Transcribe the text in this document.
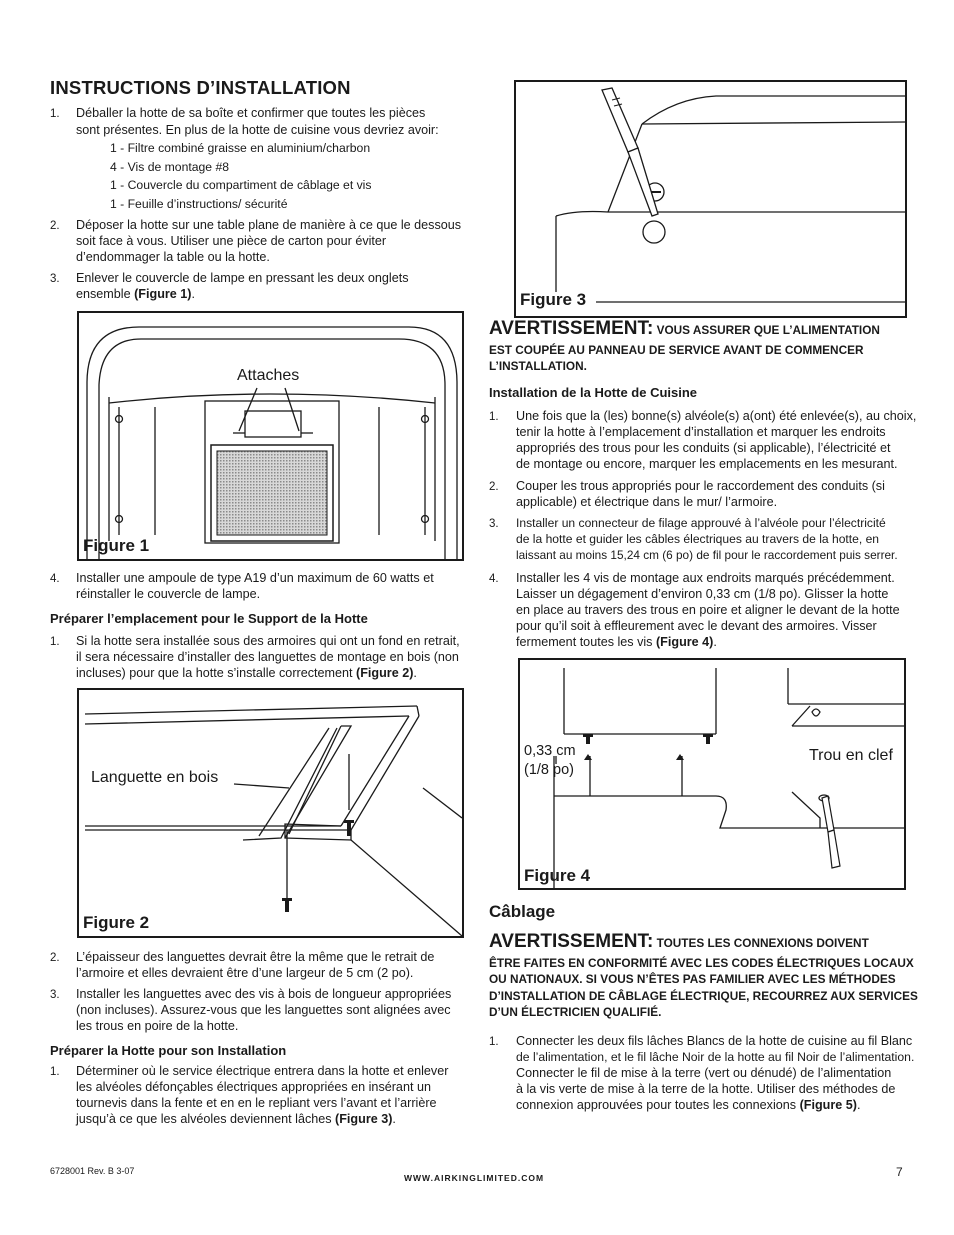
INSTRUCTIONS D’INSTALLATION
1. Déballer la hotte de sa boîte et confirmer que toutes les pièces
sont présentes. En plus de la hotte de cuisine vous devriez avoir:
1 - Filtre combiné graisse en aluminium/charbon
4 - Vis de montage #8
1 - Couvercle du compartiment de câblage et vis
1 - Feuille d’instructions/ sécurité
2. Déposer la hotte sur une table plane de manière à ce que le dessous
soit face à vous. Utiliser une pièce de carton pour éviter
d’endommager la table ou la hotte.
3. Enlever le couvercle de lampe en pressant les deux onglets
ensemble (Figure 1).
Attaches
Figure 1
4. Installer une ampoule de type A19 d’un maximum de 60 watts et
réinstaller le couvercle de lampe.
Préparer l’emplacement pour le Support de la Hotte
1. Si la hotte sera installée sous des armoires qui ont un fond en retrait,
il sera nécessaire d’installer des languettes de montage en bois (non
incluses) pour que la hotte s’installe correctement (Figure 2).
Languette en bois
Figure 2
2. L’épaisseur des languettes devrait être la même que le retrait de
l’armoire et elles devraient être d’une largeur de 5 cm (2 po).
3. Installer les languettes avec des vis à bois de longueur appropriées
(non incluses). Assurez-vous que les languettes sont alignées avec
les trous en poire de la hotte.
Préparer la Hotte pour son Installation
1. Déterminer où le service électrique entrera dans la hotte et enlever
les alvéoles défonçables électriques appropriées en insérant un
tournevis dans la fente et en en le repliant vers l’avant et l’arrière
jusqu’à ce que les alvéoles deviennent lâches (Figure 3).
Figure 3
AVERTISSEMENT: VOUS ASSURER QUE L’ALIMENTATION
EST COUPÉE AU PANNEAU DE SERVICE AVANT DE COMMENCER
L’INSTALLATION.
Installation de la Hotte de Cuisine
1. Une fois que la (les) bonne(s) alvéole(s) a(ont) été enlevée(s), au choix,
tenir la hotte à l’emplacement d’installation et marquer les endroits
appropriés des trous pour les conduits (si applicable), l’électricité et
de montage ou encore, marquer les emplacements en les mesurant.
2. Couper les trous appropriés pour le raccordement des conduits (si
applicable) et électrique dans le mur/ l’armoire.
3. Installer un connecteur de filage approuvé à l’alvéole pour l’électricité
de la hotte et guider les câbles électriques au travers de la hotte, en
laissant au moins 15,24 cm (6 po) de fil pour le raccordement puis serrer.
4. Installer les 4 vis de montage aux endroits marqués précédemment.
Laisser un dégagement d’environ 0,33 cm (1/8 po). Glisser la hotte
en place au travers des trous en poire et aligner le devant de la hotte
pour qu’il soit à effleurement avec le devant des armoires. Visser
fermement toutes les vis (Figure 4).
0,33 cm
(1/8 po)
Trou en clef
Figure 4
Câblage
AVERTISSEMENT: TOUTES LES CONNEXIONS DOIVENT
ÊTRE FAITES EN CONFORMITÉ AVEC LES CODES ÉLECTRIQUES LOCAUX
OU NATIONAUX. SI VOUS N’ÊTES PAS FAMILIER AVEC LES MÉTHODES
D’INSTALLATION DE CÂBLAGE ÉLECTRIQUE, RECOURREZ AUX SERVICES
D’UN ÉLECTRICIEN QUALIFIÉ.
1. Connecter les deux fils lâches Blancs de la hotte de cuisine au fil Blanc
de l’alimentation, et le fil lâche Noir de la hotte au fil Noir de l’alimentation.
Connecter le fil de mise à la terre (vert ou dénudé) de l’alimentation
à la vis verte de mise à la terre de la hotte. Utiliser des méthodes de
connexion approuvées pour toutes les connexions (Figure 5).
6728001 Rev. B 3-07
WWW.AIRKINGLIMITED.COM	7
